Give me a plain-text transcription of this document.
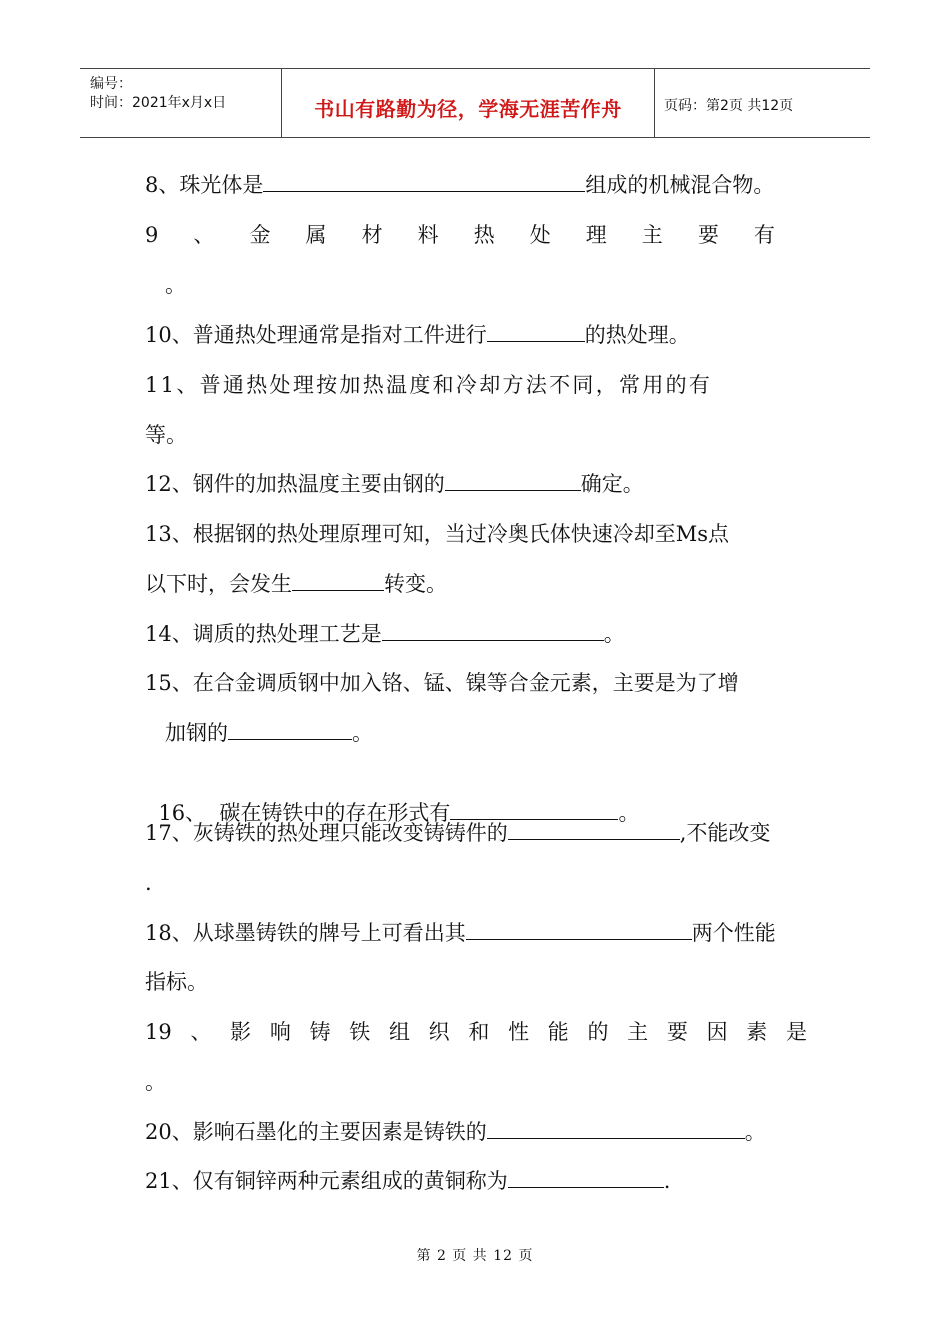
编号：
时间：2021年x月x日	书山有路勤为径，学海无涯苦作舟	页码：第2页 共12页
8、珠光体是	组成的机械混合物。
9 、 金 属 材 料 热 处 理 主 要 有
。
10、普通热处理通常是指对工件进行	的热处理。
11、普通热处理按加热温度和冷却方法不同，常用的有
等。
12、钢件的加热温度主要由钢的	确定。
13、根据钢的热处理原理可知，当过冷奥氏体快速冷却至Ms点
以下时，会发生	转变。
14、调质的热处理工艺是	。
15、在合金调质钢中加入铬、锰、镍等合金元素，主要是为了增
加钢的	。

16、  碳在铸铁中的存在形式有	。

17、灰铸铁的热处理只能改变铸铸件的	,不能改变
.
18、从球墨铸铁的牌号上可看出其	两个性能
指标。
19 、 影 响 铸 铁 组 织 和 性 能 的 主 要 因 素 是
。
20、影响石墨化的主要因素是铸铁的	。
21、仅有铜锌两种元素组成的黄铜称为	.
第 2 页 共 12 页
